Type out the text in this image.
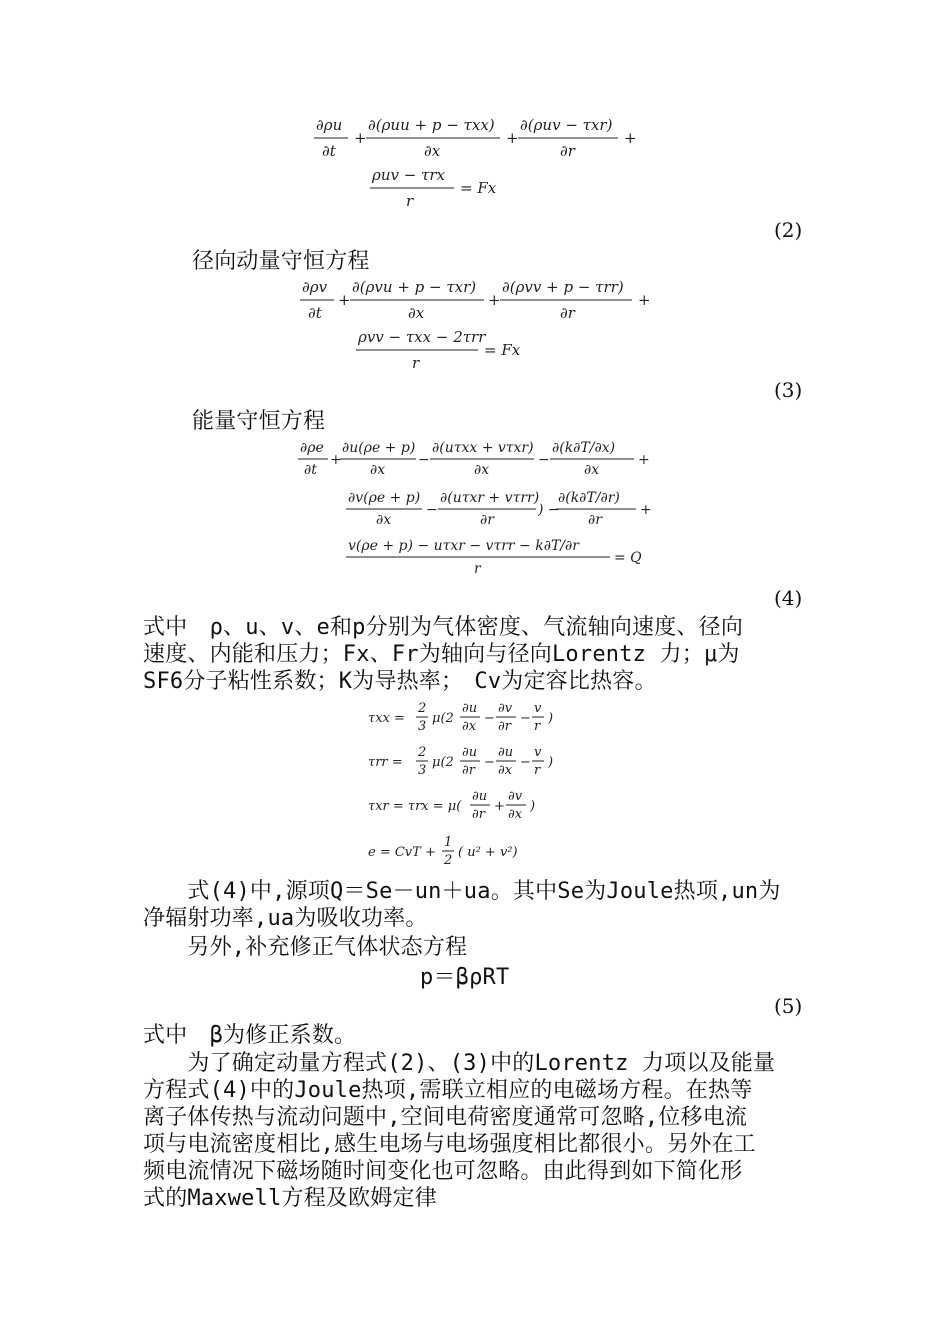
∂ρu
∂t
+
∂(ρuu + p − τxx)
∂x
+
∂(ρuv − τxr)
∂r
+
ρuv − τrx
r
= Fx
(2)
径向动量守恒方程
∂ρv
∂t
+
∂(ρvu + p − τxr)
∂x
+
∂(ρvv + p − τrr)
∂r
+
ρvv − τxx − 2τrr
r
= Fx
(3)
能量守恒方程
∂ρe
∂t
+
∂u(ρe + p)
∂x
−
∂(uτxx + vτxr)
∂x
−
∂(k∂T/∂x)
∂x
+
∂v(ρe + p)
∂x
−
∂(uτxr + vτrr)
∂r
) −
∂(k∂T/∂r)
∂r
+
v(ρe + p) − uτxr − vτrr − k∂T/∂r
r
= Q
(4)
式中　ρ、u、v、e和p分别为气体密度、气流轴向速度、径向
速度、内能和压力；Fx、Fr为轴向与径向Lorentz 力；μ为
SF6分子粘性系数；K为导热率；　Cv为定容比热容。
τxx =
2
3
μ(2
∂u
∂x
−
∂v
∂r
−
v
r
)
τrr =
2
3
μ(2
∂u
∂r
−
∂u
∂x
−
v
r
)
τxr = τrx = μ(
∂u
∂r
+
∂v
∂x
)
e = CvT +
1
2
( u² + v²)
　　式(4)中,源项Q＝Se－un＋ua。其中Se为Joule热项,un为
净辐射功率,ua为吸收功率。
　　另外,补充修正气体状态方程
p＝βρRT
(5)
式中　β为修正系数。
　　为了确定动量方程式(2)、(3)中的Lorentz 力项以及能量
方程式(4)中的Joule热项,需联立相应的电磁场方程。在热等
离子体传热与流动问题中,空间电荷密度通常可忽略,位移电流
项与电流密度相比,感生电场与电场强度相比都很小。另外在工
频电流情况下磁场随时间变化也可忽略。由此得到如下简化形
式的Maxwell方程及欧姆定律
